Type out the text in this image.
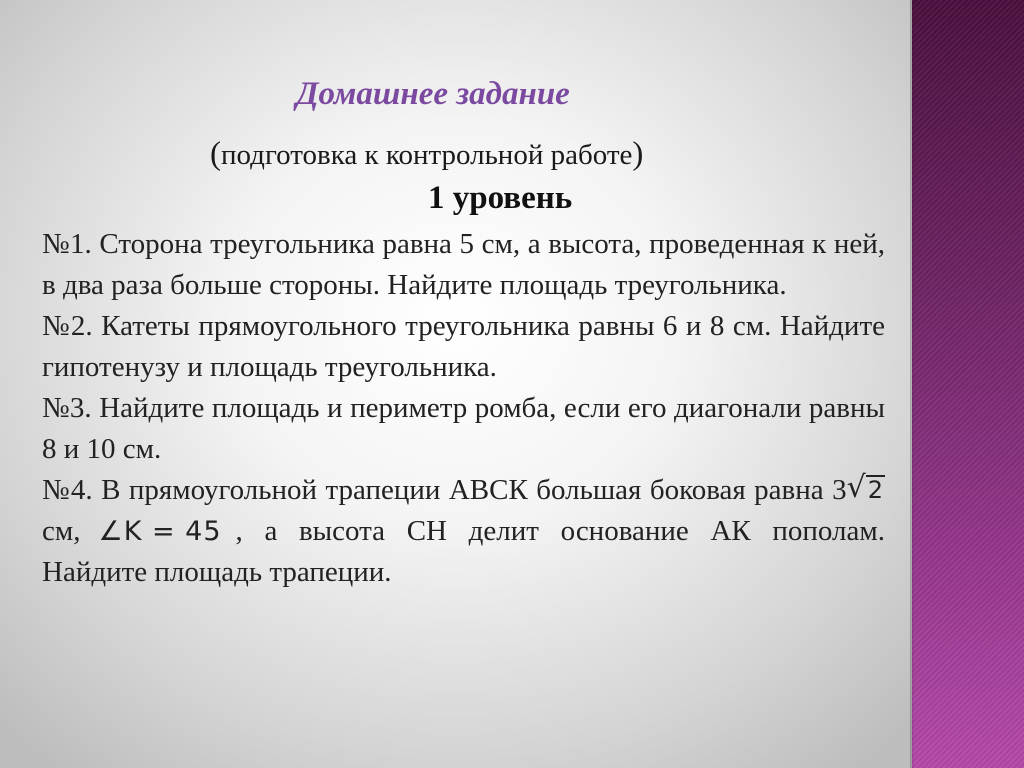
Домашнее задание
(подготовка к контрольной работе)
1 уровень

№1. Сторона треугольника равна 5 см, а высота, проведенная к ней, в два раза больше стороны. Найдите площадь треугольника.

№2. Катеты прямоугольного треугольника равны 6 и 8 см. Найдите гипотенузу и площадь треугольника.

№3. Найдите площадь и периметр ромба, если его диагонали равны 8 и 10 см.

№4. В прямоугольной трапеции АВСК большая боковая равна 3 √ 2
см, ∠K = 45 , а высота СН делит основание АК пополам. Найдите площадь трапеции.
